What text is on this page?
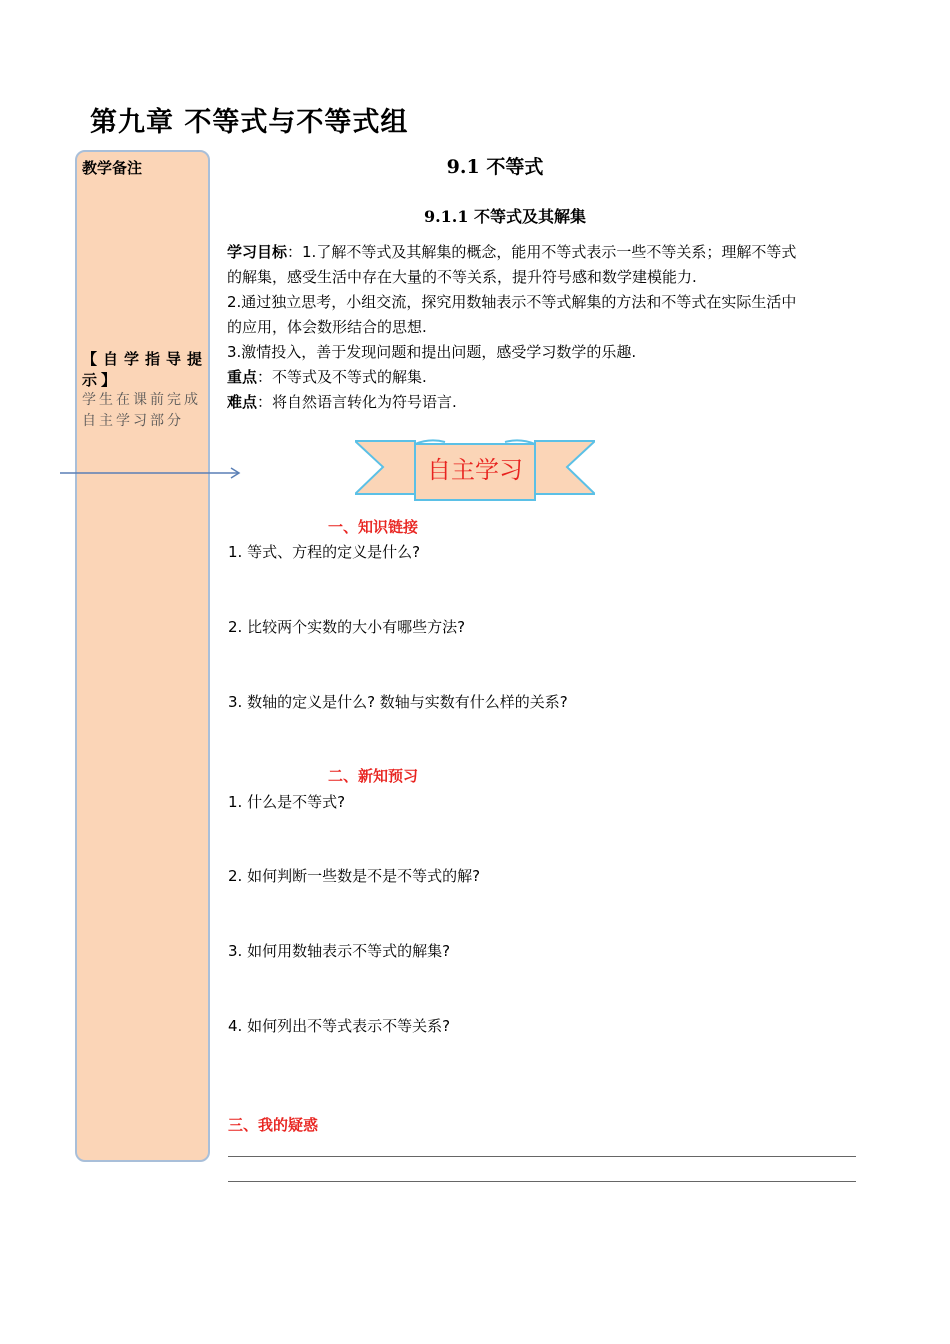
第九章 不等式与不等式组
教学备注
【自学指导提示】
学生在课前完成自主学习部分
9.1 不等式
9.1.1 不等式及其解集
学习目标：1.了解不等式及其解集的概念，能用不等式表示一些不等关系；理解不等式
的解集，感受生活中存在大量的不等关系，提升符号感和数学建模能力.
2.通过独立思考，小组交流，探究用数轴表示不等式解集的方法和不等式在实际生活中
的应用，体会数形结合的思想.
3.激情投入，善于发现问题和提出问题，感受学习数学的乐趣.
重点：不等式及不等式的解集.
难点：将自然语言转化为符号语言.
自主学习
一、知识链接
1. 等式、方程的定义是什么?
2. 比较两个实数的大小有哪些方法?
3. 数轴的定义是什么? 数轴与实数有什么样的关系?
二、新知预习
1. 什么是不等式?
2. 如何判断一些数是不是不等式的解?
3. 如何用数轴表示不等式的解集?
4. 如何列出不等式表示不等关系?
三、我的疑惑
